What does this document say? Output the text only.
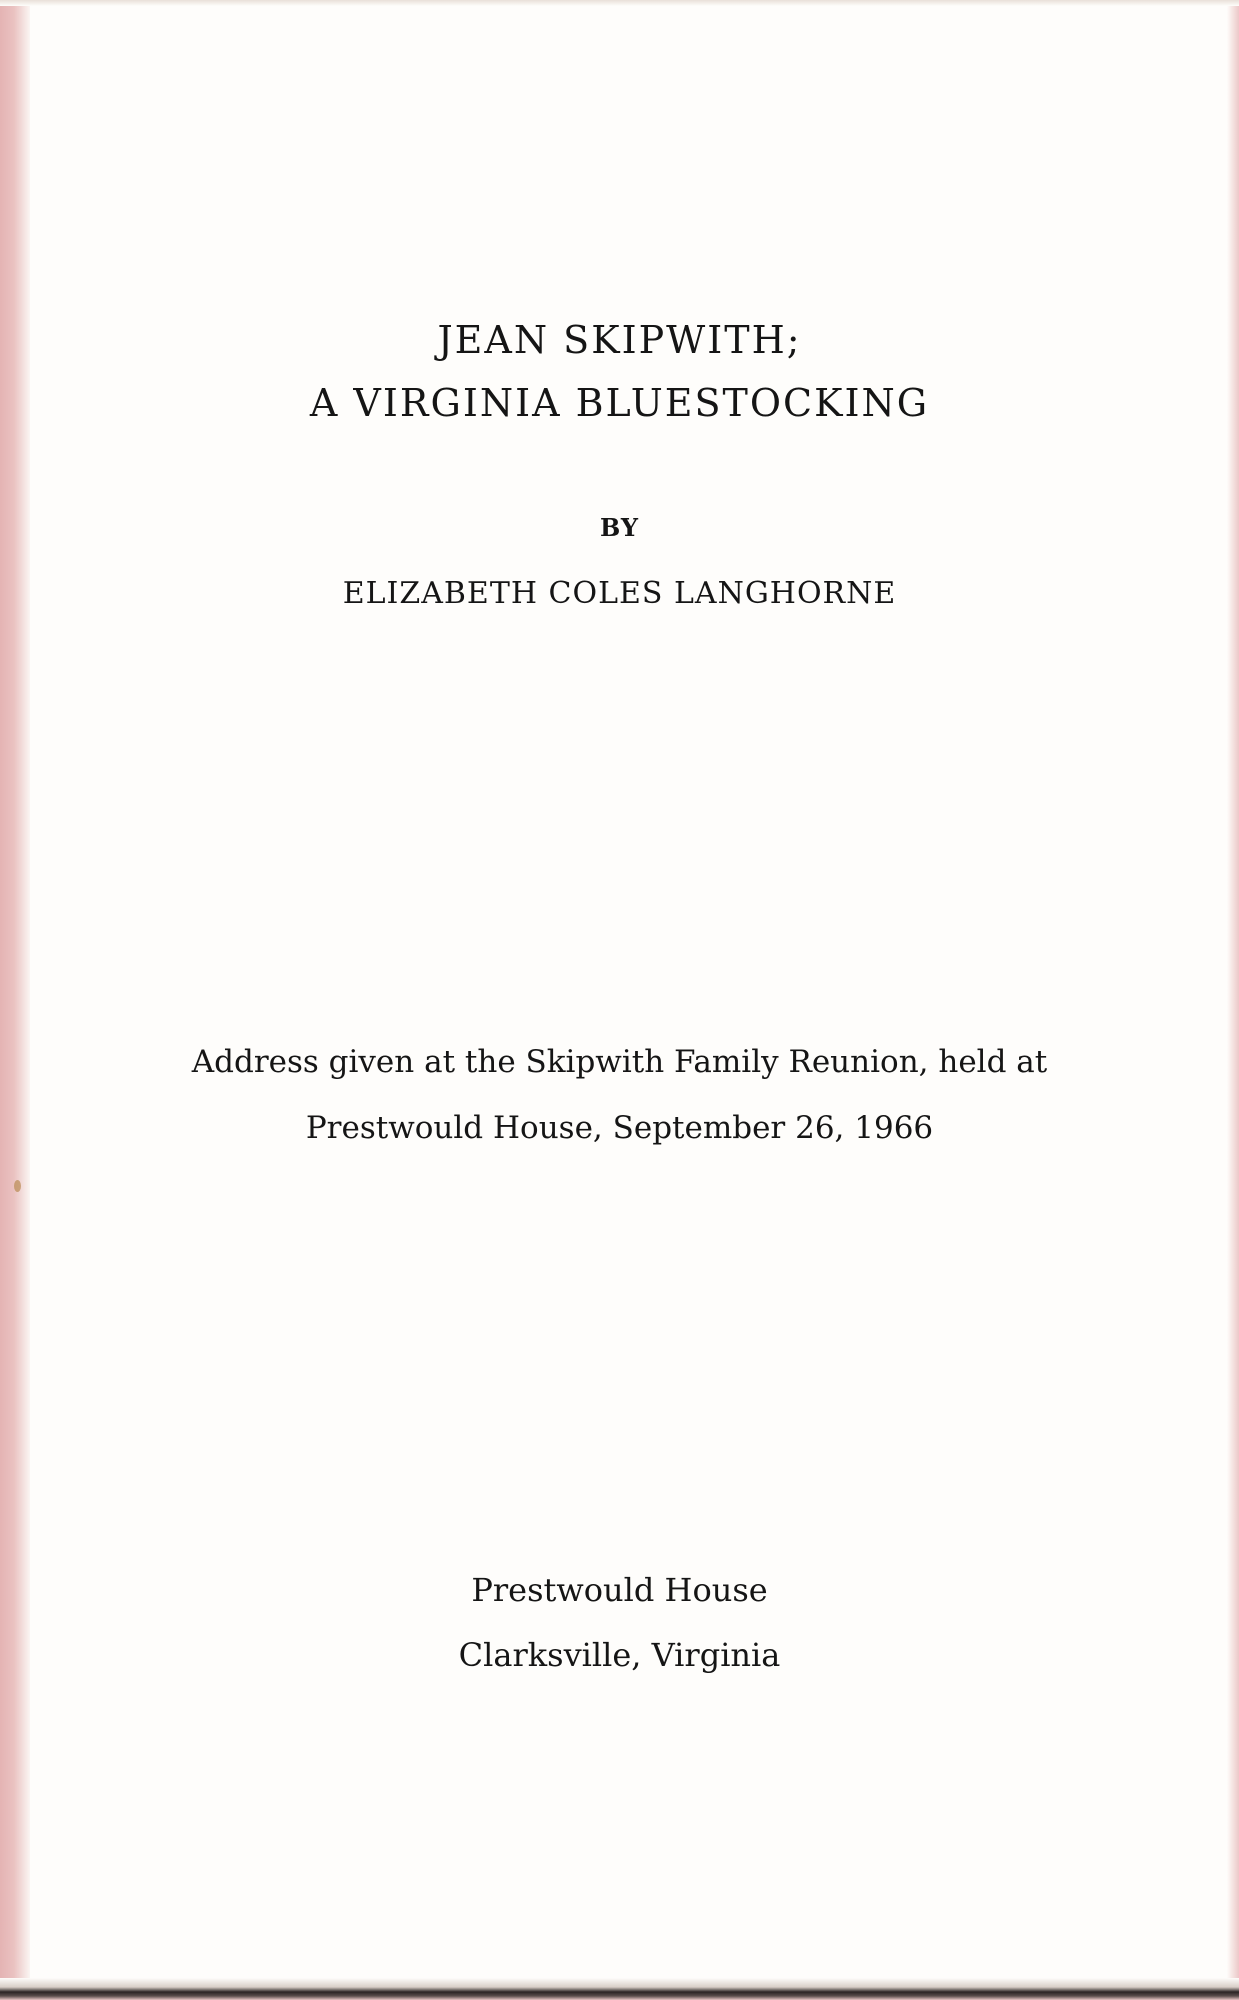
JEAN SKIPWITH;
A VIRGINIA BLUESTOCKING
BY
ELIZABETH COLES LANGHORNE
Address given at the Skipwith Family Reunion, held at
Prestwould House, September 26, 1966
Prestwould House
Clarksville, Virginia
